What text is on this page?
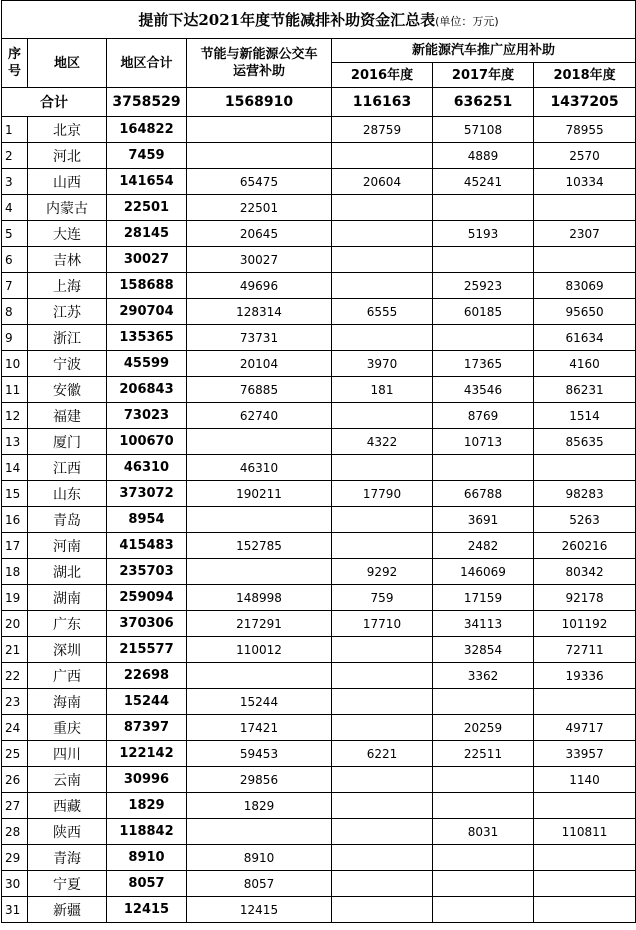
提前下达2021年度节能减排补助资金汇总表(单位：万元)						
序号	地区	地区合计	节能与新能源公交车运营补助	新能源汽车推广应用补助		
				2016年度	2017年度	2018年度
合计		3758529	1568910	116163	636251	1437205
1	北京	164822		28759	57108	78955
2	河北	7459			4889	2570
3	山西	141654	65475	20604	45241	10334
4	内蒙古	22501	22501			
5	大连	28145	20645		5193	2307
6	吉林	30027	30027			
7	上海	158688	49696		25923	83069
8	江苏	290704	128314	6555	60185	95650
9	浙江	135365	73731			61634
10	宁波	45599	20104	3970	17365	4160
11	安徽	206843	76885	181	43546	86231
12	福建	73023	62740		8769	1514
13	厦门	100670		4322	10713	85635
14	江西	46310	46310			
15	山东	373072	190211	17790	66788	98283
16	青岛	8954			3691	5263
17	河南	415483	152785		2482	260216
18	湖北	235703		9292	146069	80342
19	湖南	259094	148998	759	17159	92178
20	广东	370306	217291	17710	34113	101192
21	深圳	215577	110012		32854	72711
22	广西	22698			3362	19336
23	海南	15244	15244			
24	重庆	87397	17421		20259	49717
25	四川	122142	59453	6221	22511	33957
26	云南	30996	29856			1140
27	西藏	1829	1829			
28	陕西	118842			8031	110811
29	青海	8910	8910			
30	宁夏	8057	8057			
31	新疆	12415	12415			
